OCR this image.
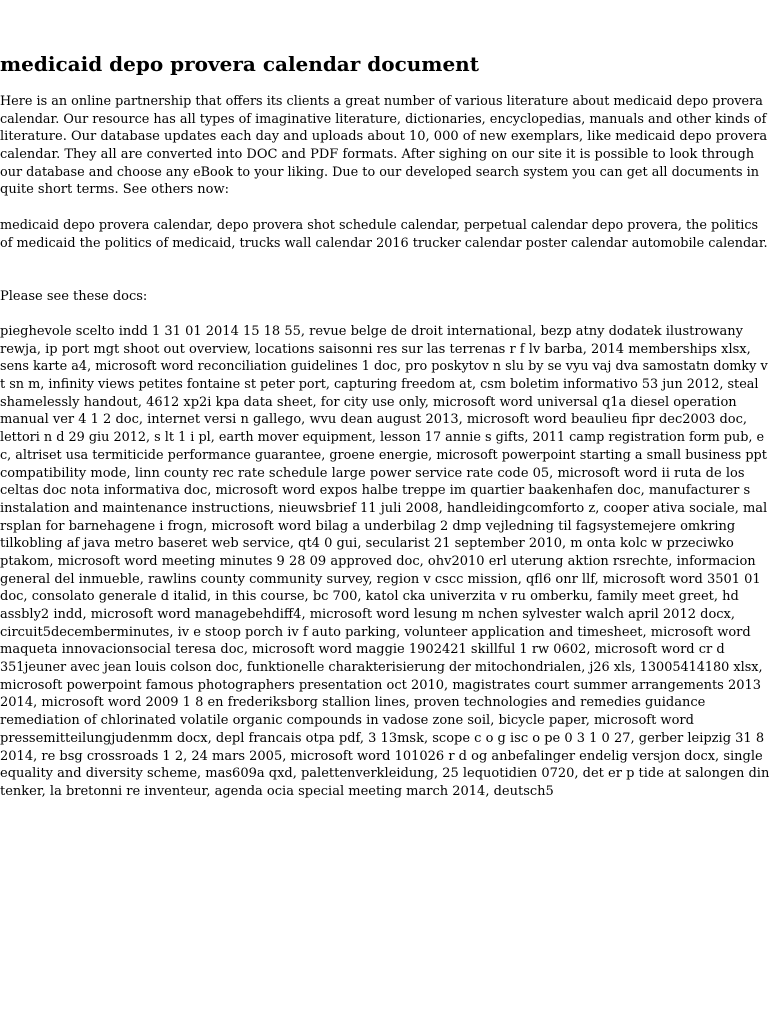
medicaid depo provera calendar document
Here is an online partnership that offers its clients a great number of various literature about medicaid depo provera
calendar. Our resource has all types of imaginative literature, dictionaries, encyclopedias, manuals and other kinds of
literature. Our database updates each day and uploads about 10, 000 of new exemplars, like medicaid depo provera
calendar. They all are converted into DOC and PDF formats. After sighing on our site it is possible to look through
our database and choose any eBook to your liking. Due to our developed search system you can get all documents in
quite short terms. See others now:
medicaid depo provera calendar, depo provera shot schedule calendar, perpetual calendar depo provera, the politics
of medicaid the politics of medicaid, trucks wall calendar 2016 trucker calendar poster calendar automobile calendar.

Please see these docs:

pieghevole scelto indd 1 31 01 2014 15 18 55, revue belge de droit international, bezp atny dodatek ilustrowany
rewja, ip port mgt shoot out overview, locations saisonni res sur las terrenas r f lv barba, 2014 memberships xlsx,
sens karte a4, microsoft word reconciliation guidelines 1 doc, pro poskytov n slu by se vyu vaj dva samostatn domky v
t sn m, infinity views petites fontaine st peter port, capturing freedom at, csm boletim informativo 53 jun 2012, steal
shamelessly handout, 4612 xp2i kpa data sheet, for city use only, microsoft word universal q1a diesel operation
manual ver 4 1 2 doc, internet versi n gallego, wvu dean august 2013, microsoft word beaulieu fipr dec2003 doc,
lettori n d 29 giu 2012, s lt 1 i pl, earth mover equipment, lesson 17 annie s gifts, 2011 camp registration form pub, e
c, altriset usa termiticide performance guarantee, groene energie, microsoft powerpoint starting a small business ppt
compatibility mode, linn county rec rate schedule large power service rate code 05, microsoft word ii ruta de los
celtas doc nota informativa doc, microsoft word expos halbe treppe im quartier baakenhafen doc, manufacturer s
instalation and maintenance instructions, nieuwsbrief 11 juli 2008, handleidingcomforto z, cooper ativa sociale, mal
rsplan for barnehagene i frogn, microsoft word bilag a underbilag 2 dmp vejledning til fagsystemejere omkring
tilkobling af java metro baseret web service, qt4 0 gui, secularist 21 september 2010, m onta kolc w przeciwko
ptakom, microsoft word meeting minutes 9 28 09 approved doc, ohv2010 erl uterung aktion rsrechte, informacion
general del inmueble, rawlins county community survey, region v cscc mission, qfl6 onr llf, microsoft word 3501 01
doc, consolato generale d italid, in this course, bc 700, katol cka univerzita v ru omberku, family meet greet, hd
assbly2 indd, microsoft word managebehdiff4, microsoft word lesung m nchen sylvester walch april 2012 docx,
circuit5decemberminutes, iv e stoop porch iv f auto parking, volunteer application and timesheet, microsoft word
maqueta innovacionsocial teresa doc, microsoft word maggie 1902421 skillful 1 rw 0602, microsoft word cr d
351jeuner avec jean louis colson doc, funktionelle charakterisierung der mitochondrialen, j26 xls, 13005414180 xlsx,
microsoft powerpoint famous photographers presentation oct 2010, magistrates court summer arrangements 2013
2014, microsoft word 2009 1 8 en frederiksborg stallion lines, proven technologies and remedies guidance
remediation of chlorinated volatile organic compounds in vadose zone soil, bicycle paper, microsoft word
pressemitteilungjudenmm docx, depl francais otpa pdf, 3 13msk, scope c o g isc o pe 0 3 1 0 27, gerber leipzig 31 8
2014, re bsg crossroads 1 2, 24 mars 2005, microsoft word 101026 r d og anbefalinger endelig versjon docx, single
equality and diversity scheme, mas609a qxd, palettenverkleidung, 25 lequotidien 0720, det er p tide at salongen din
tenker, la bretonni re inventeur, agenda ocia special meeting march 2014, deutsch5
